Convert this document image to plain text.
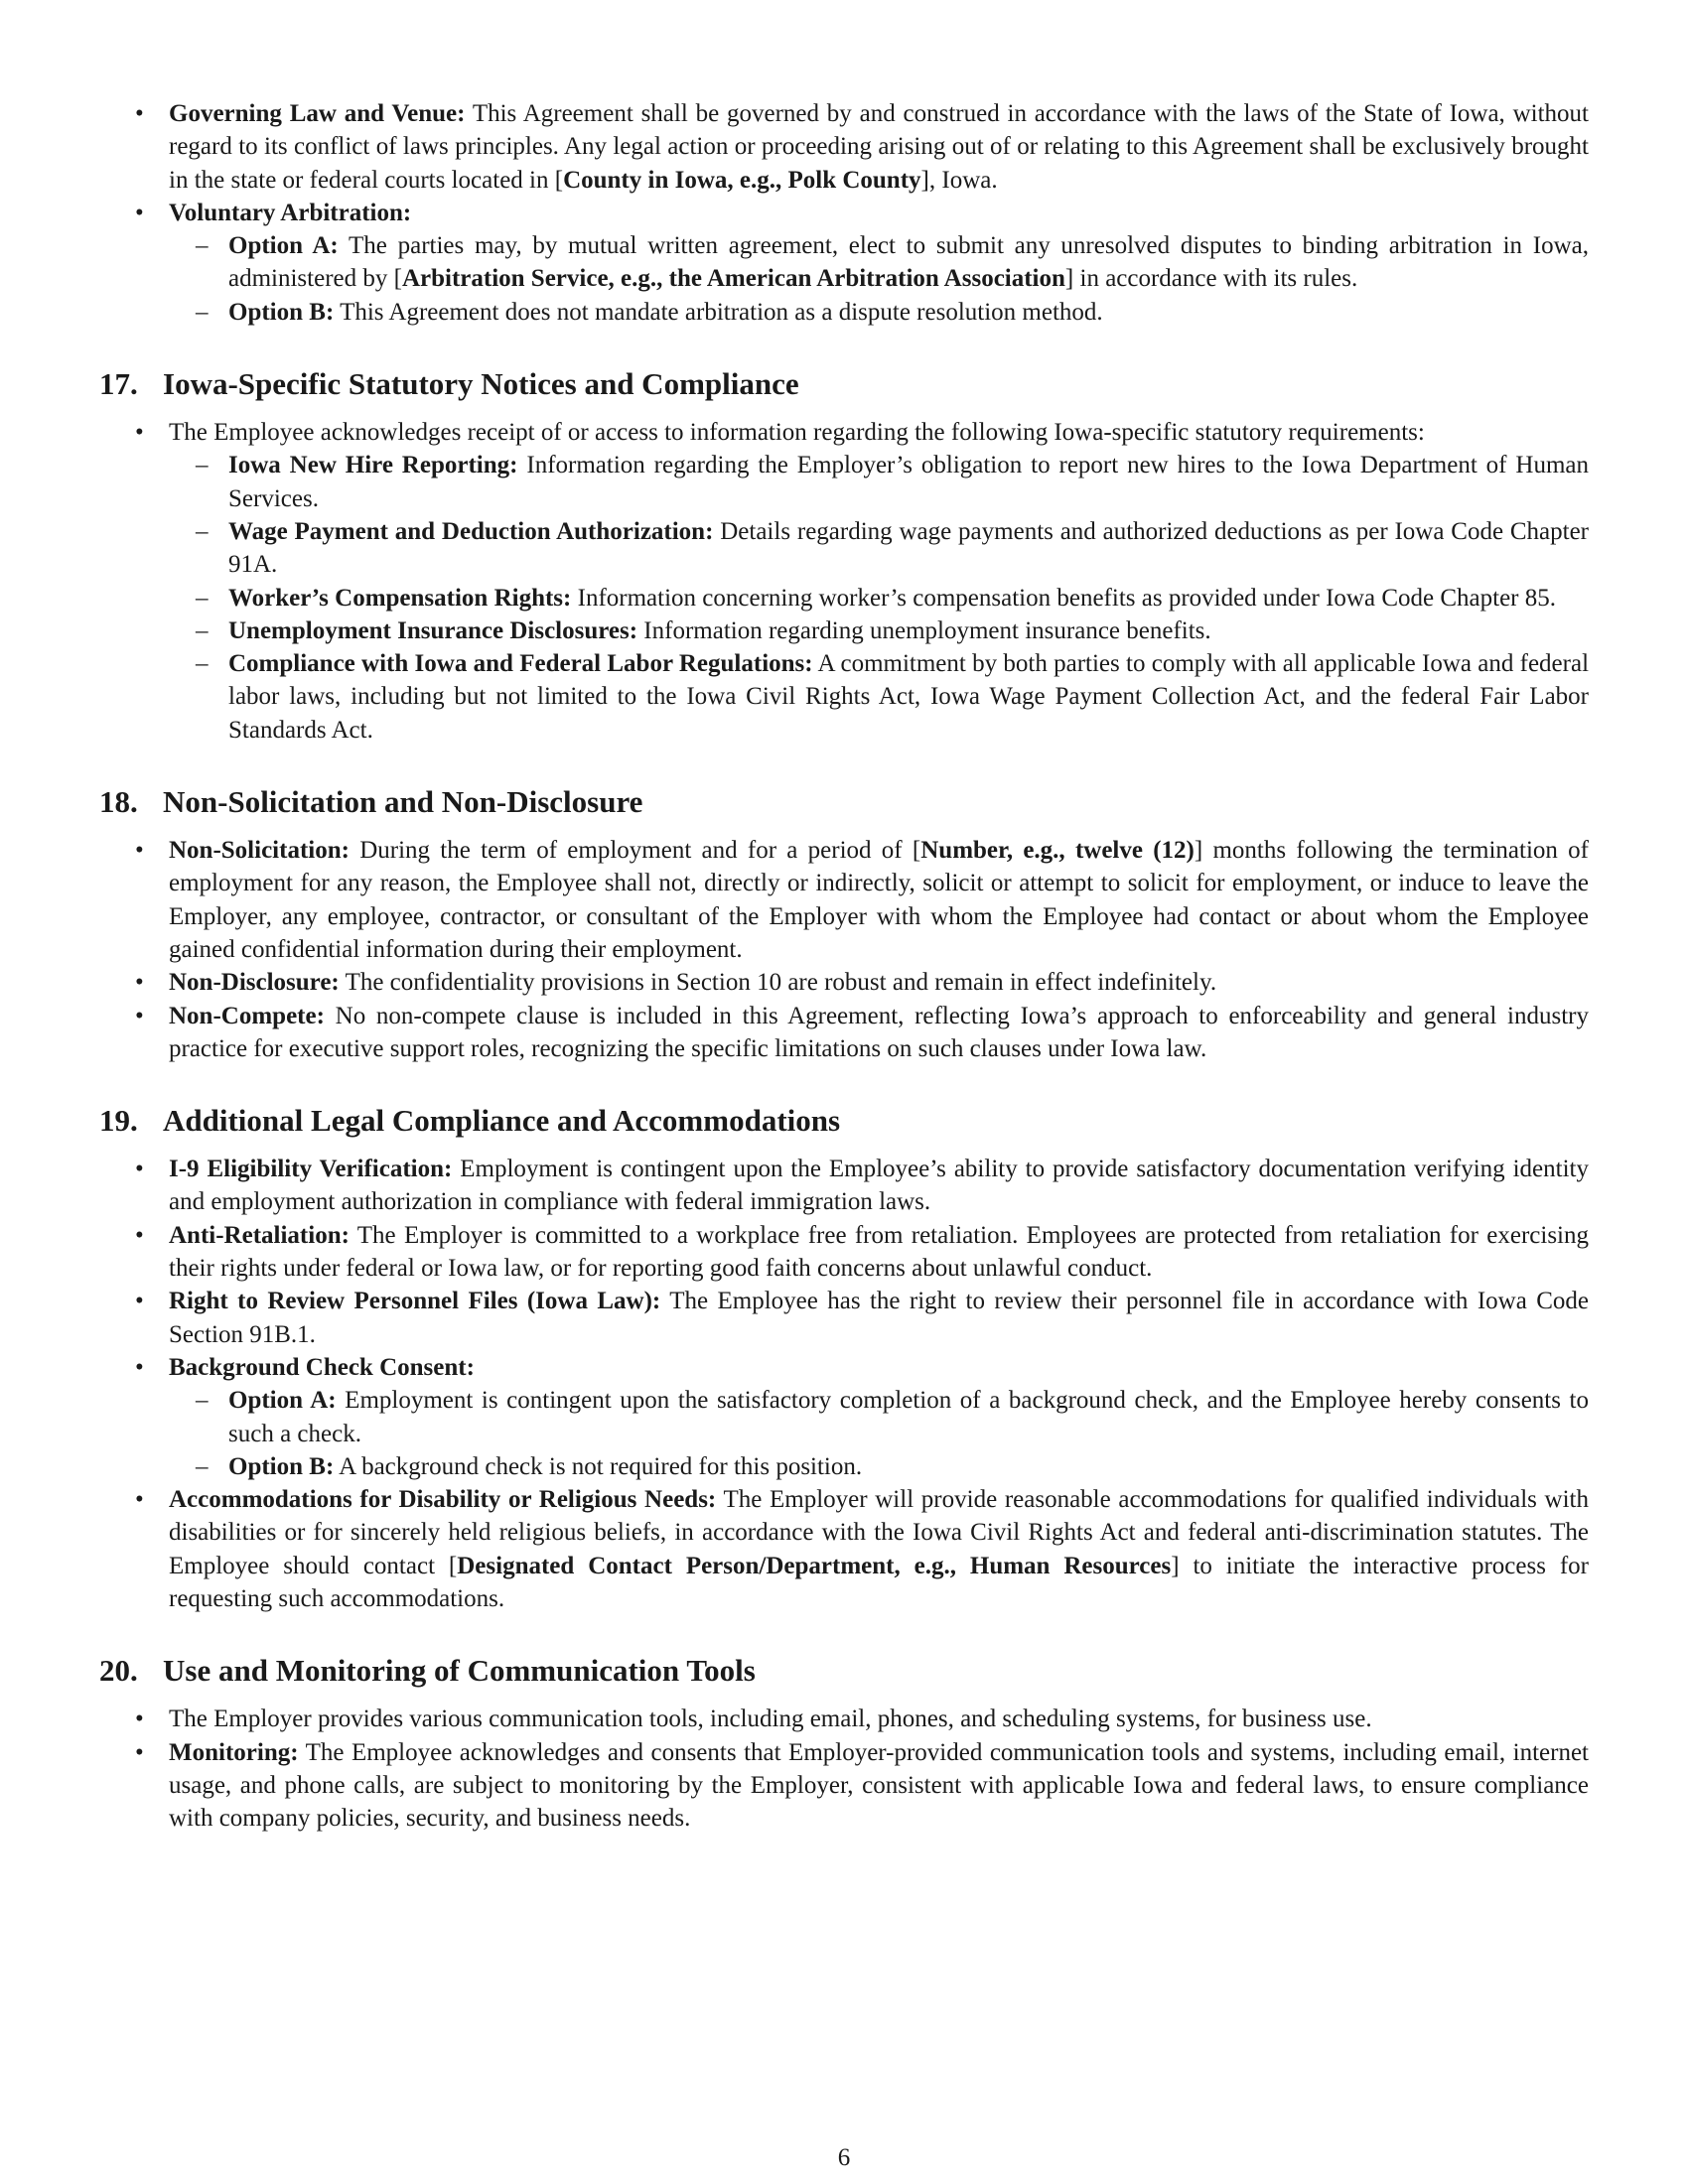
• Governing Law and Venue: This Agreement shall be governed by and construed in accordance with the laws of the State of Iowa, without regard to its conflict of laws principles. Any legal action or proceeding arising out of or relating to this Agreement shall be exclusively brought in the state or federal courts located in [County in Iowa, e.g., Polk County], Iowa.
• Voluntary Arbitration:
– Option A: The parties may, by mutual written agreement, elect to submit any unresolved disputes to binding arbitration in Iowa, administered by [Arbitration Service, e.g., the American Arbitration Association] in accordance with its rules.
– Option B: This Agreement does not mandate arbitration as a dispute resolution method.
17. Iowa-Specific Statutory Notices and Compliance
• The Employee acknowledges receipt of or access to information regarding the following Iowa-specific statutory requirements:
– Iowa New Hire Reporting: Information regarding the Employer’s obligation to report new hires to the Iowa Department of Human Services.
– Wage Payment and Deduction Authorization: Details regarding wage payments and authorized deductions as per Iowa Code Chapter 91A.
– Worker’s Compensation Rights: Information concerning worker’s compensation benefits as provided under Iowa Code Chapter 85.
– Unemployment Insurance Disclosures: Information regarding unemployment insurance benefits.
– Compliance with Iowa and Federal Labor Regulations: A commitment by both parties to comply with all applicable Iowa and federal labor laws, including but not limited to the Iowa Civil Rights Act, Iowa Wage Payment Collection Act, and the federal Fair Labor Standards Act.
18. Non-Solicitation and Non-Disclosure
• Non-Solicitation: During the term of employment and for a period of [Number, e.g., twelve (12)] months following the termination of employment for any reason, the Employee shall not, directly or indirectly, solicit or attempt to solicit for employment, or induce to leave the Employer, any employee, contractor, or consultant of the Employer with whom the Employee had contact or about whom the Employee gained confidential information during their employment.
• Non-Disclosure: The confidentiality provisions in Section 10 are robust and remain in effect indefinitely.
• Non-Compete: No non-compete clause is included in this Agreement, reflecting Iowa’s approach to enforceability and general industry practice for executive support roles, recognizing the specific limitations on such clauses under Iowa law.
19. Additional Legal Compliance and Accommodations
• I-9 Eligibility Verification: Employment is contingent upon the Employee’s ability to provide satisfactory documentation verifying identity and employment authorization in compliance with federal immigration laws.
• Anti-Retaliation: The Employer is committed to a workplace free from retaliation. Employees are protected from retaliation for exercising their rights under federal or Iowa law, or for reporting good faith concerns about unlawful conduct.
• Right to Review Personnel Files (Iowa Law): The Employee has the right to review their personnel file in accordance with Iowa Code Section 91B.1.
• Background Check Consent:
– Option A: Employment is contingent upon the satisfactory completion of a background check, and the Employee hereby consents to such a check.
– Option B: A background check is not required for this position.
• Accommodations for Disability or Religious Needs: The Employer will provide reasonable accommodations for qualified individuals with disabilities or for sincerely held religious beliefs, in accordance with the Iowa Civil Rights Act and federal anti-discrimination statutes. The Employee should contact [Designated Contact Person/Department, e.g., Human Resources] to initiate the interactive process for requesting such accommodations.
20. Use and Monitoring of Communication Tools
• The Employer provides various communication tools, including email, phones, and scheduling systems, for business use.
• Monitoring: The Employee acknowledges and consents that Employer-provided communication tools and systems, including email, internet usage, and phone calls, are subject to monitoring by the Employer, consistent with applicable Iowa and federal laws, to ensure compliance with company policies, security, and business needs.
6
